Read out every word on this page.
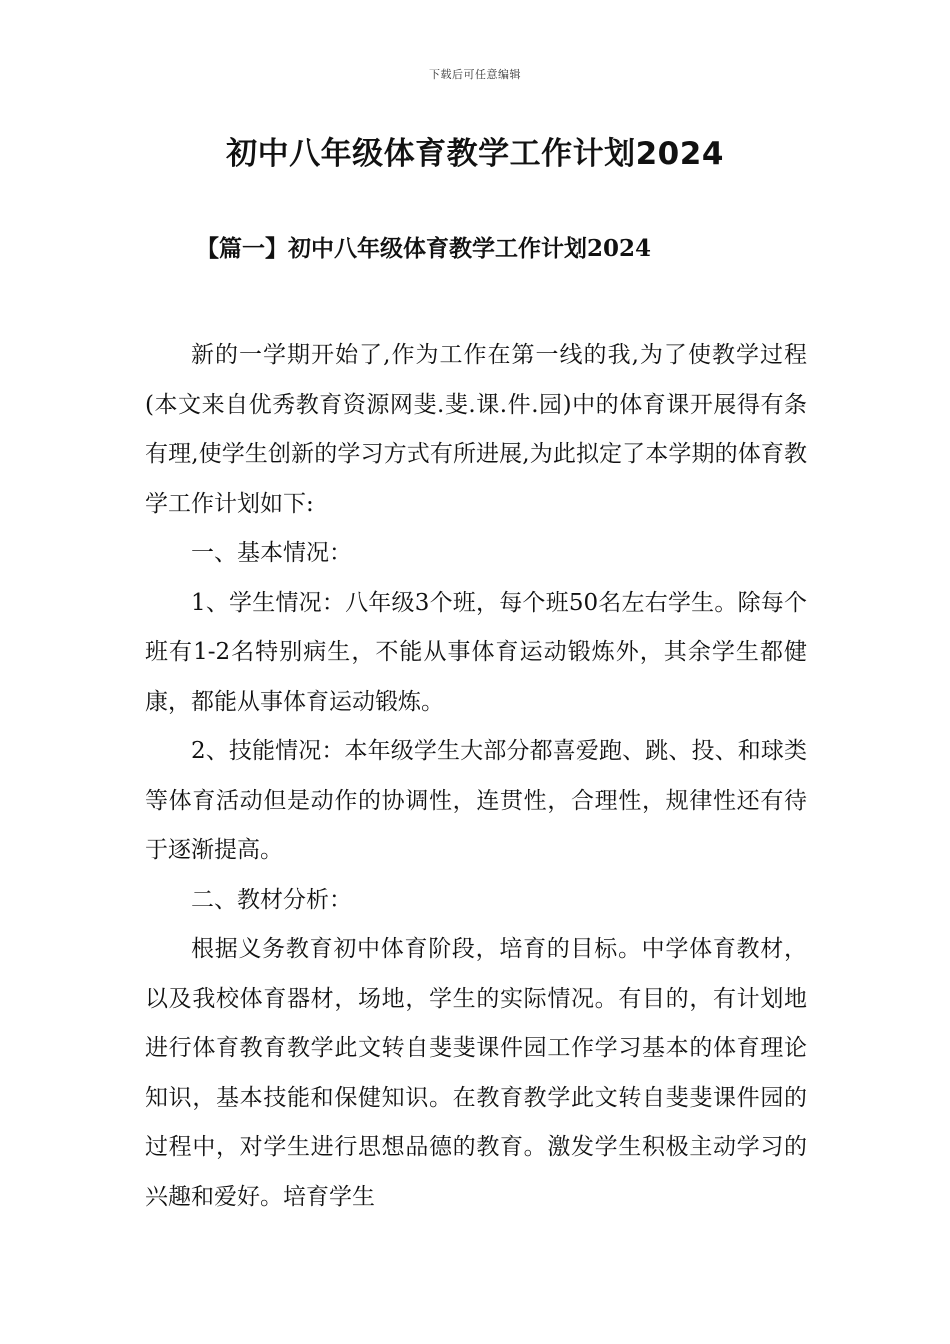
下载后可任意编辑
初中八年级体育教学工作计划2024
【篇一】初中八年级体育教学工作计划2024

新的一学期开始了,作为工作在第一线的我,为了使教学过程(本文来自优秀教育资源网斐.斐.课.件.园)中的体育课开展得有条有理,使学生创新的学习方式有所进展,为此拟定了本学期的体育教学工作计划如下:

一、基本情况：

1、学生情况：八年级3个班，每个班50名左右学生。除每个班有1-2名特别病生，不能从事体育运动锻炼外，其余学生都健康，都能从事体育运动锻炼。

2、技能情况：本年级学生大部分都喜爱跑、跳、投、和球类等体育活动但是动作的协调性，连贯性，合理性，规律性还有待于逐渐提高。

二、教材分析：

根据义务教育初中体育阶段，培育的目标。中学体育教材，以及我校体育器材，场地，学生的实际情况。有目的，有计划地进行体育教育教学此文转自斐斐课件园工作学习基本的体育理论知识，基本技能和保健知识。在教育教学此文转自斐斐课件园的过程中，对学生进行思想品德的教育。激发学生积极主动学习的兴趣和爱好。培育学生
